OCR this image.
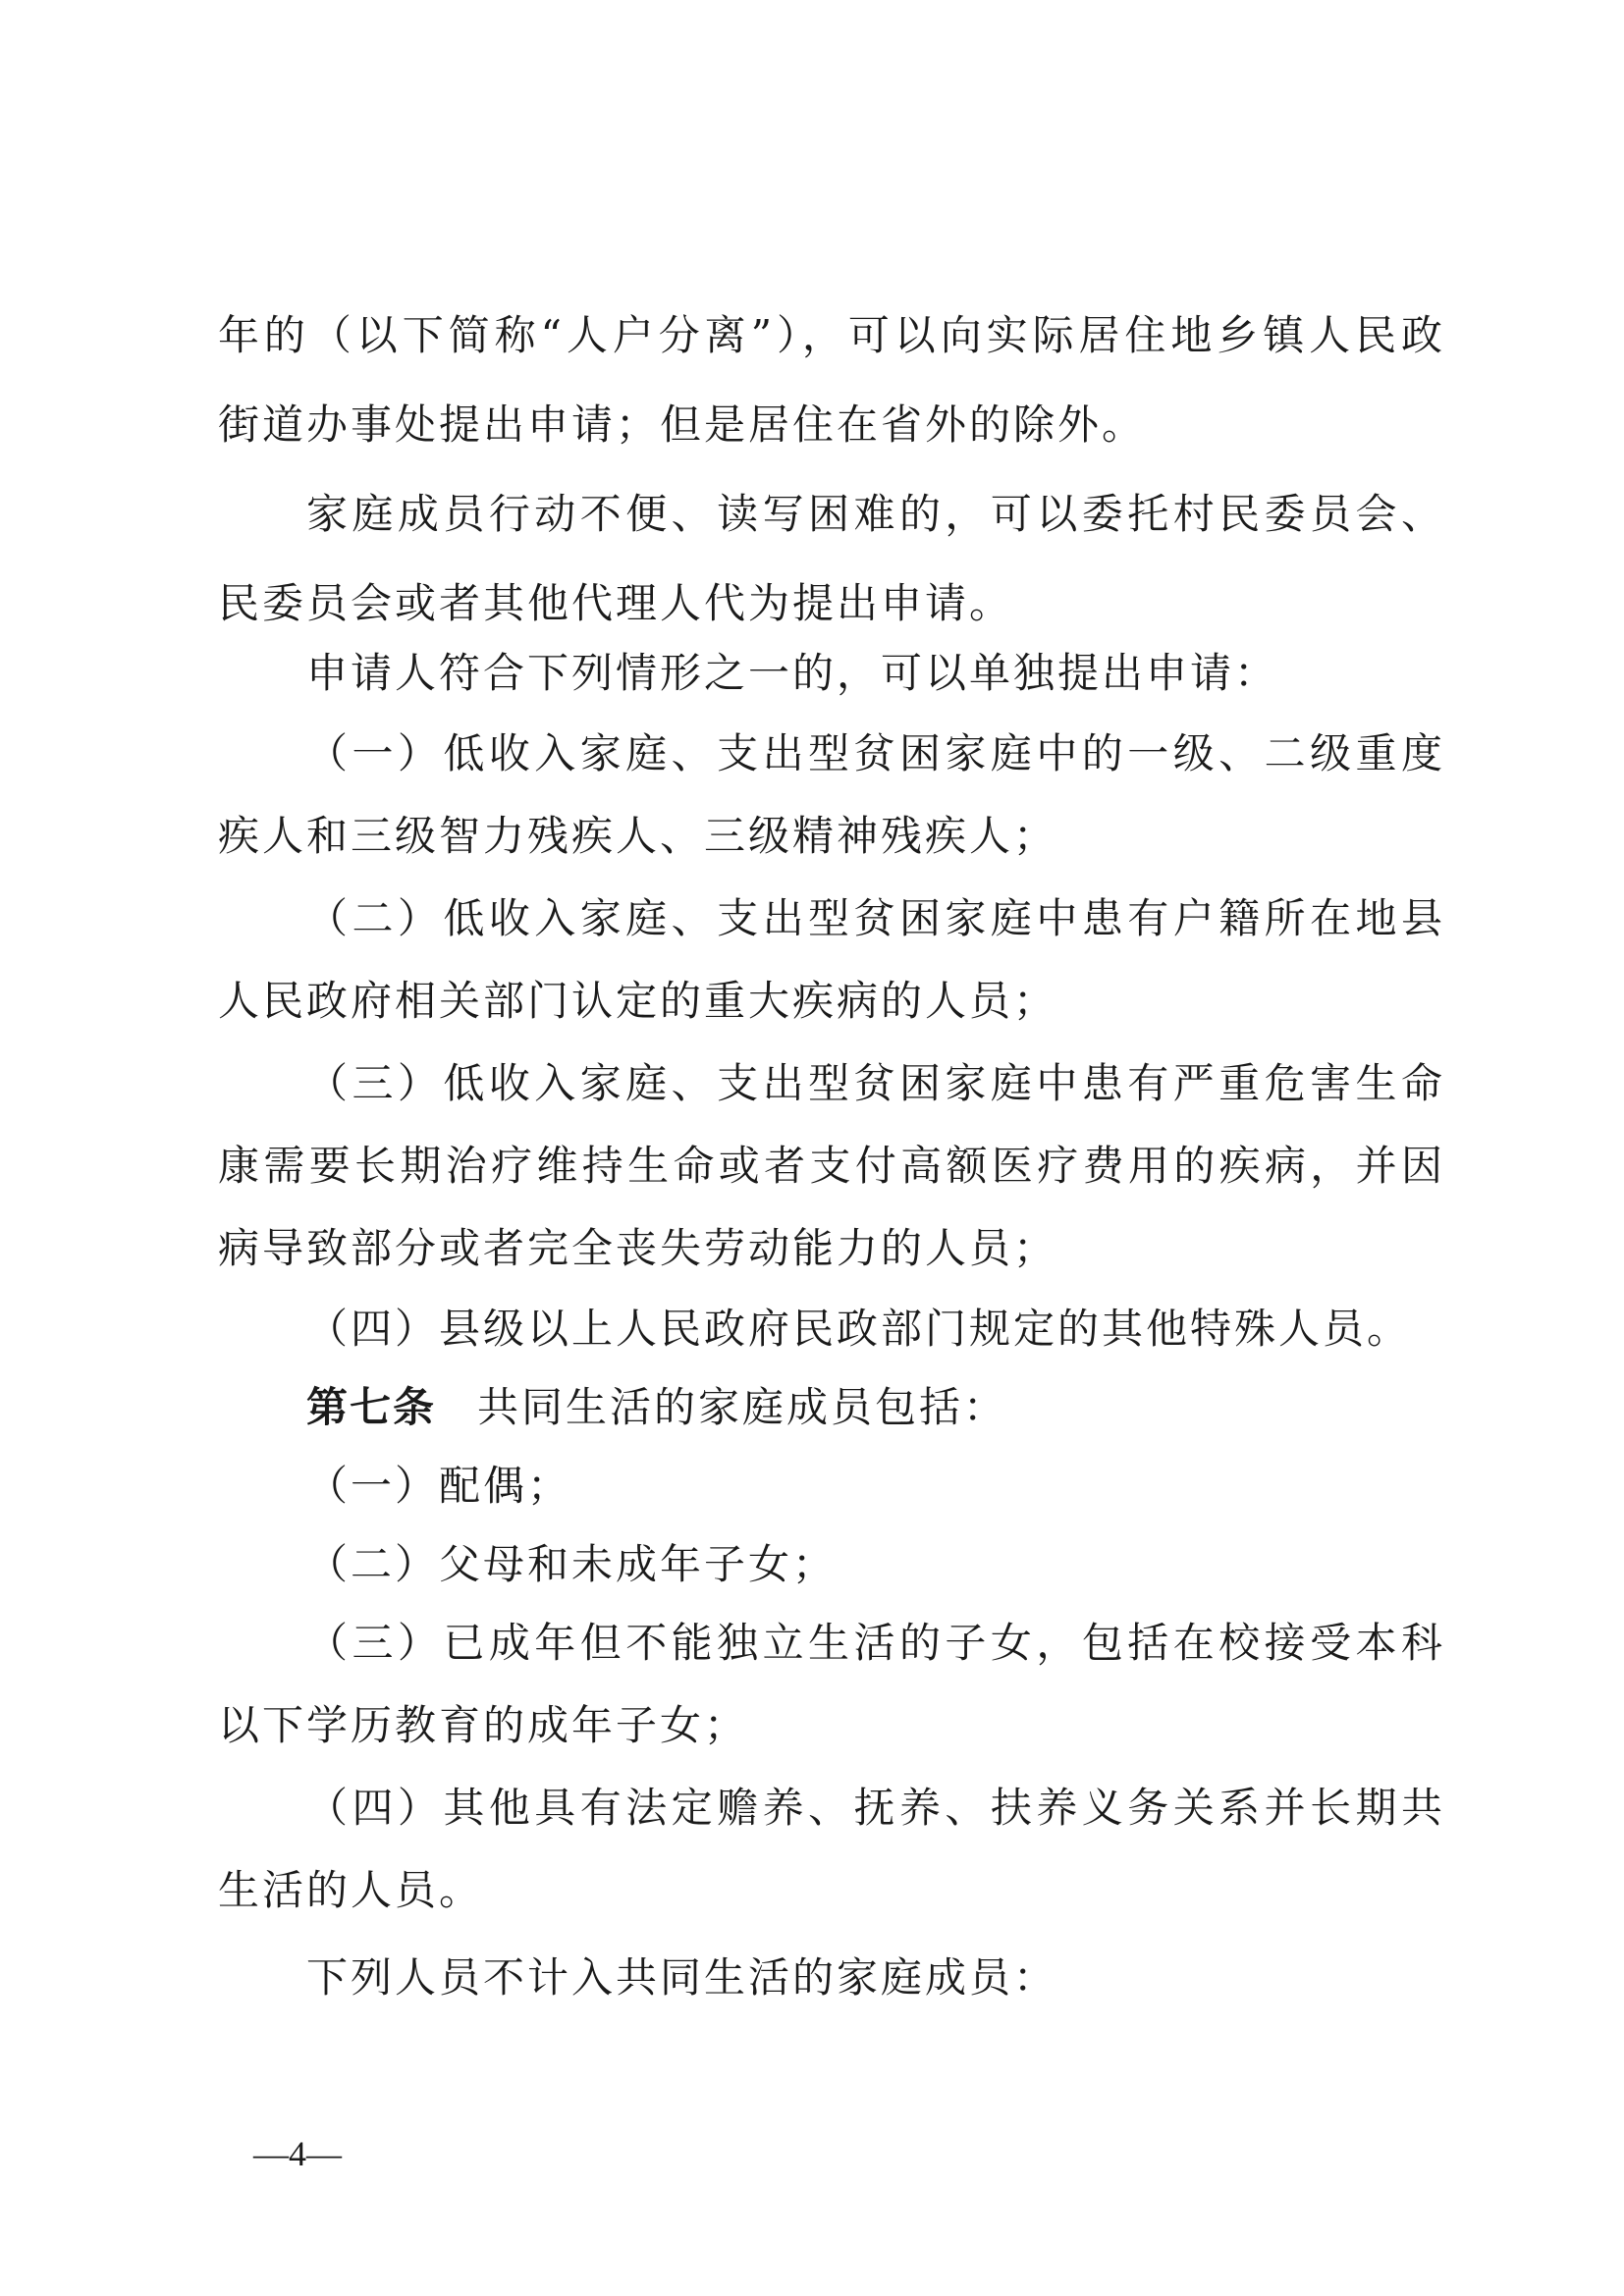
年的（以下简称“人户分离”），可以向实际居住地乡镇人民政
街道办事处提出申请；但是居住在省外的除外。
家庭成员行动不便、读写困难的，可以委托村民委员会、
民委员会或者其他代理人代为提出申请。
申请人符合下列情形之一的，可以单独提出申请：
（一）低收入家庭、支出型贫困家庭中的一级、二级重度
疾人和三级智力残疾人、三级精神残疾人；
（二）低收入家庭、支出型贫困家庭中患有户籍所在地县
人民政府相关部门认定的重大疾病的人员；
（三）低收入家庭、支出型贫困家庭中患有严重危害生命
康需要长期治疗维持生命或者支付高额医疗费用的疾病，并因
病导致部分或者完全丧失劳动能力的人员；
（四）县级以上人民政府民政部门规定的其他特殊人员。
第七条 共同生活的家庭成员包括：
（一）配偶；
（二）父母和未成年子女；
（三）已成年但不能独立生活的子女，包括在校接受本科
以下学历教育的成年子女；
（四）其他具有法定赡养、抚养、扶养义务关系并长期共
生活的人员。
下列人员不计入共同生活的家庭成员：
—4—
